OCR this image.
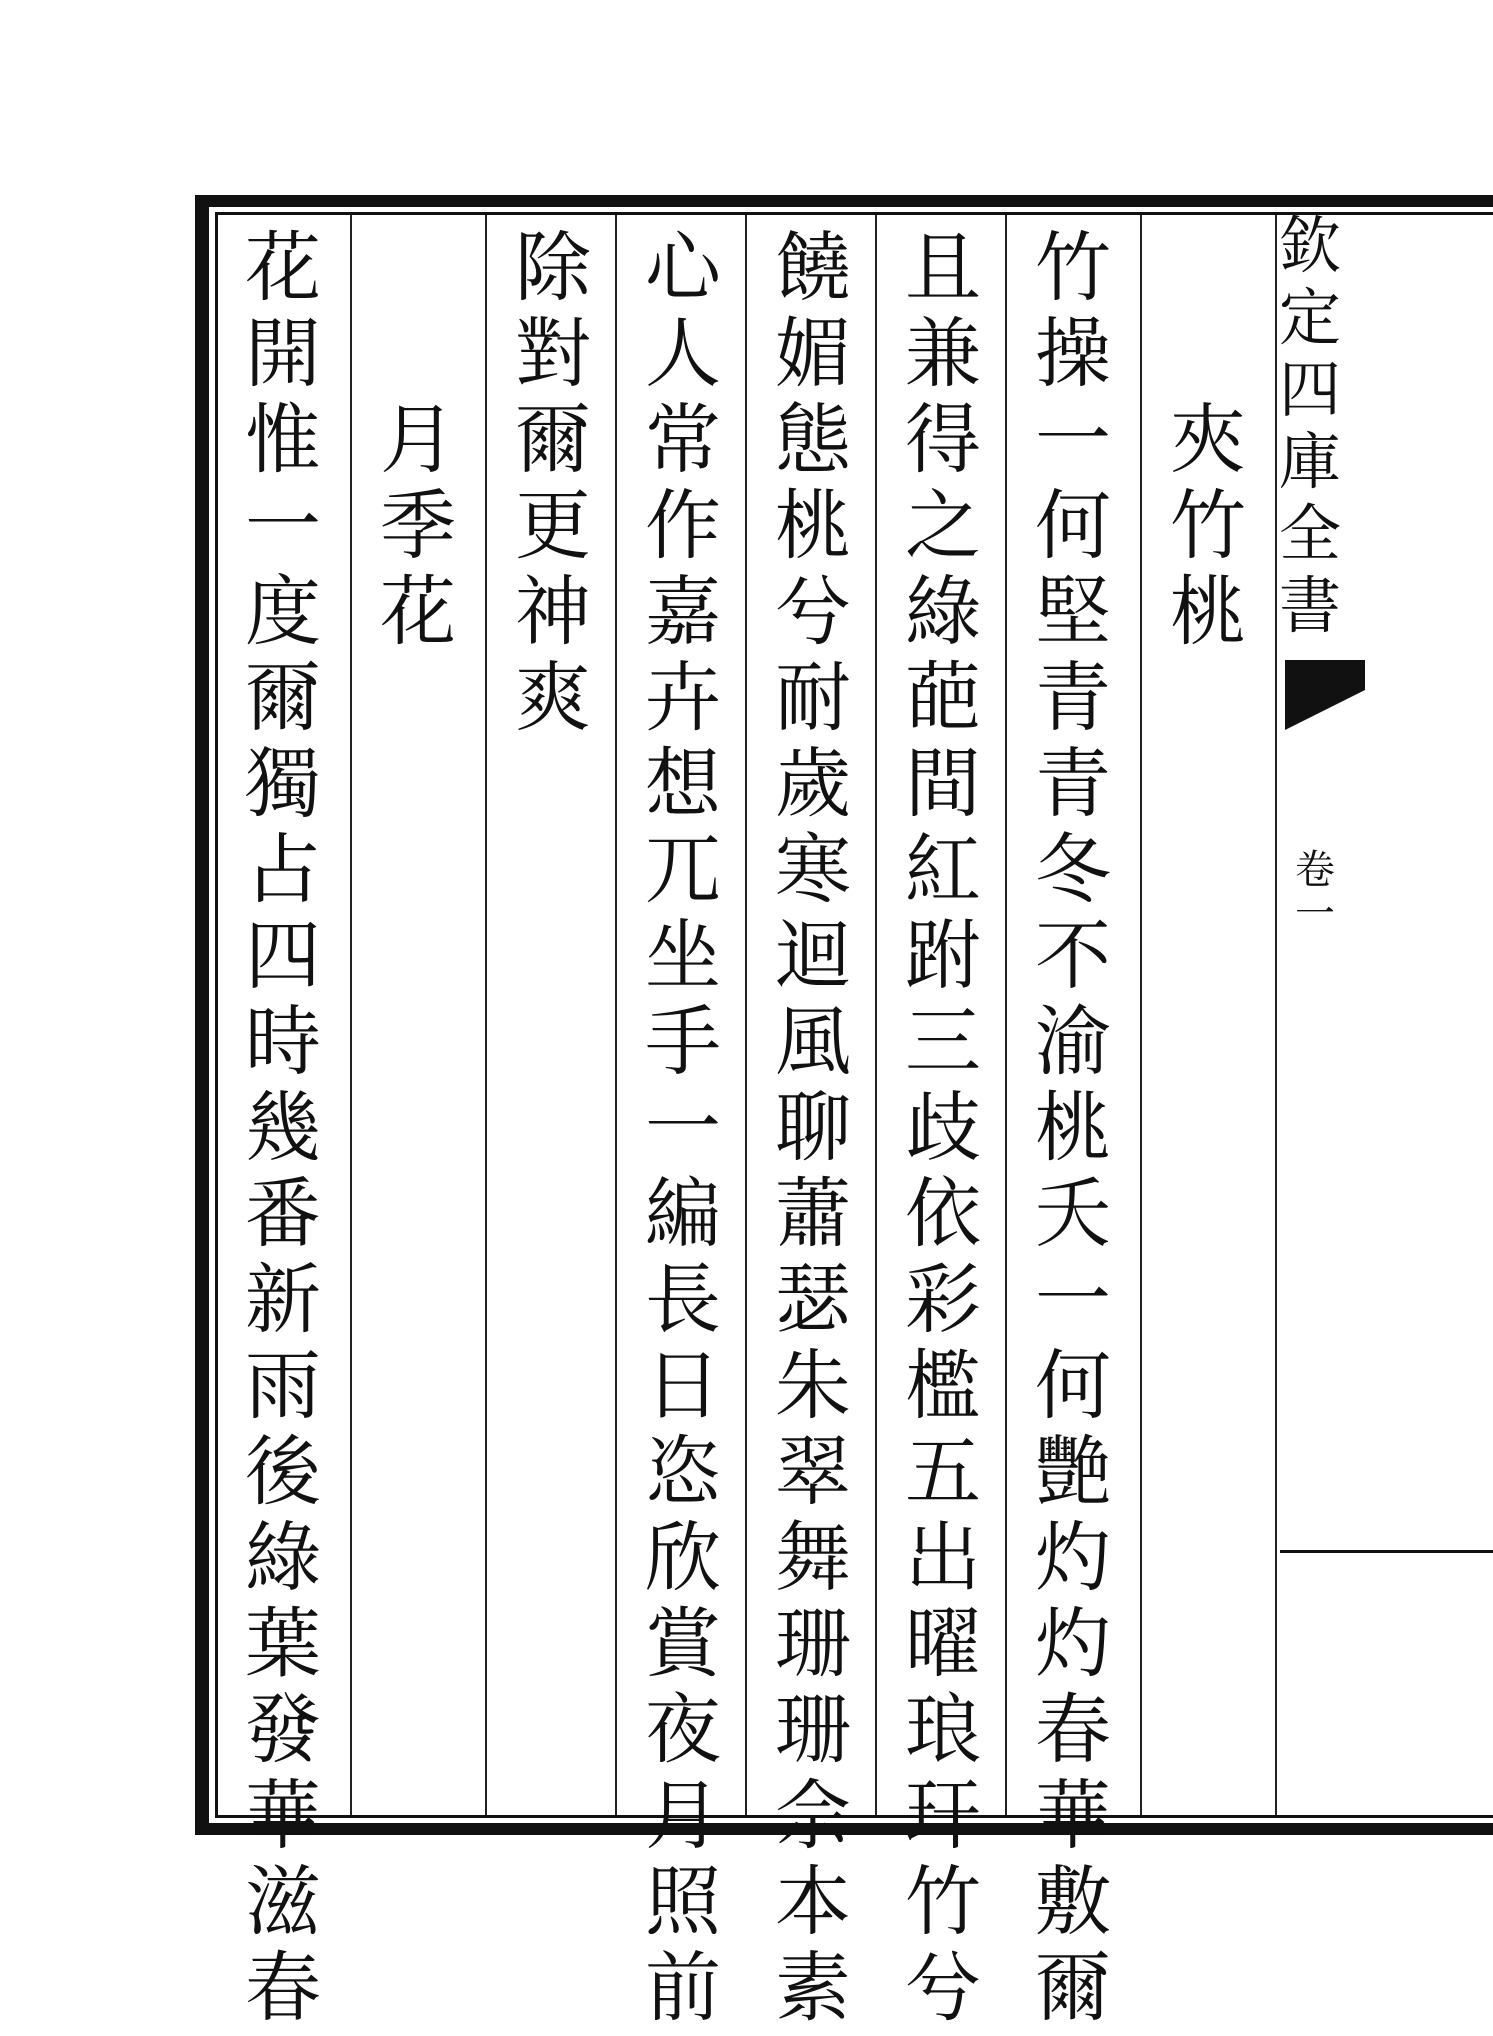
欽
定
四
庫
全
書
卷
一
夾
竹
桃
竹
操
一
何
堅
青
青
冬
不
渝
桃
夭
一
何
艷
灼
灼
春
華
敷
爾
且
兼
得
之
綠
葩
間
紅
跗
三
歧
依
彩
檻
五
出
曜
琅
玕
竹
兮
饒
媚
態
桃
兮
耐
歲
寒
迴
風
聊
蕭
瑟
朱
翠
舞
珊
珊
佘
本
素
心
人
常
作
嘉
卉
想
兀
坐
手
一
編
長
日
恣
欣
賞
夜
月
照
前
除
對
爾
更
神
爽
月
季
花
花
開
惟
一
度
爾
獨
占
四
時
幾
番
新
雨
後
綠
葉
發
華
滋
春
